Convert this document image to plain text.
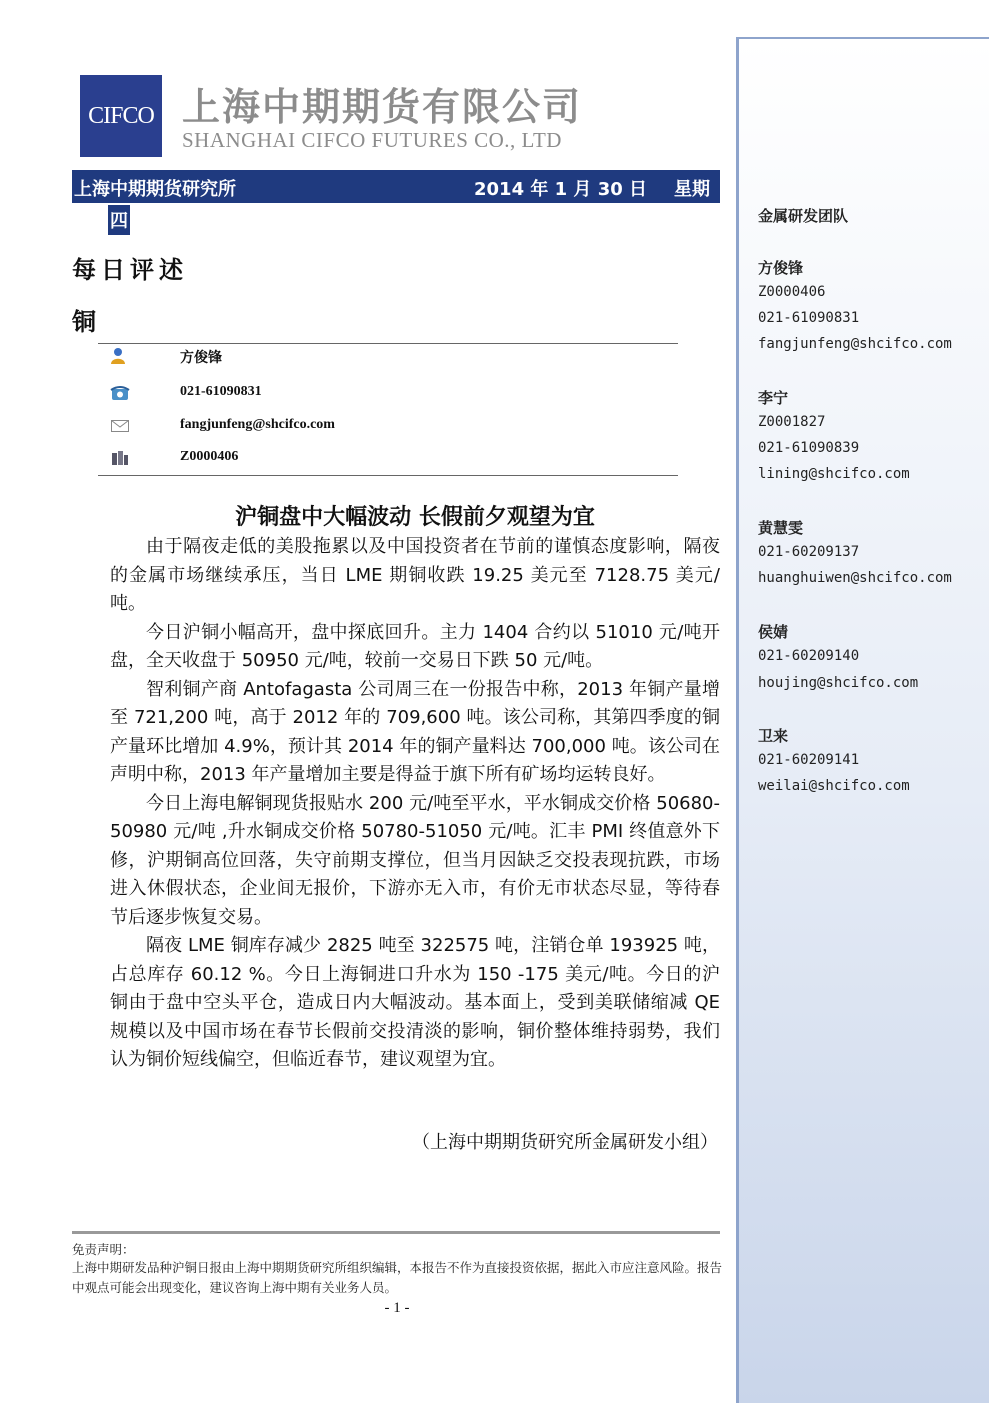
CIFCO 上海中期期货有限公司
SHANGHAI CIFCO FUTURES CO., LTD
上海中期期货研究所	2014 年 1 月 30 日 星期
四
每日评述
铜
方俊锋
021-61090831
fangjunfeng@shcifco.com
Z0000406
沪铜盘中大幅波动 长假前夕观望为宜

由于隔夜走低的美股拖累以及中国投资者在节前的谨慎态度影响，隔夜的金属市场继续承压，当日 LME 期铜收跌 19.25 美元至 7128.75 美元/吨。

今日沪铜小幅高开，盘中探底回升。主力 1404 合约以 51010 元/吨开盘，全天收盘于 50950 元/吨，较前一交易日下跌 50 元/吨。

智利铜产商 Antofagasta 公司周三在一份报告中称，2013 年铜产量增至 721,200 吨，高于 2012 年的 709,600 吨。该公司称，其第四季度的铜产量环比增加 4.9%，预计其 2014 年的铜产量料达 700,000 吨。该公司在声明中称，2013 年产量增加主要是得益于旗下所有矿场均运转良好。

今日上海电解铜现货报贴水 200 元/吨至平水，平水铜成交价格 50680-50980 元/吨 ,升水铜成交价格 50780-51050 元/吨。汇丰 PMI 终值意外下修，沪期铜高位回落，失守前期支撑位，但当月因缺乏交投表现抗跌，市场进入休假状态，企业间无报价，下游亦无入市，有价无市状态尽显，等待春节后逐步恢复交易。

隔夜 LME 铜库存减少 2825 吨至 322575 吨，注销仓单 193925 吨，占总库存 60.12 %。今日上海铜进口升水为 150 -175 美元/吨。今日的沪铜由于盘中空头平仓，造成日内大幅波动。基本面上，受到美联储缩减 QE 规模以及中国市场在春节长假前交投清淡的影响，铜价整体维持弱势，我们认为铜价短线偏空，但临近春节，建议观望为宜。

（上海中期期货研究所金属研发小组）
免责声明：
上海中期研发品种沪铜日报由上海中期期货研究所组织编辑，本报告不作为直接投资依据，据此入市应注意风险。报告中观点可能会出现变化，建议咨询上海中期有关业务人员。
- 1 -
金属研发团队
方俊锋
Z0000406
021-61090831
fangjunfeng@shcifco.com
李宁
Z0001827
021-61090839
lining@shcifco.com
黄慧雯
021-60209137
huanghuiwen@shcifco.com
侯婧
021-60209140
houjing@shcifco.com
卫来
021-60209141
weilai@shcifco.com
